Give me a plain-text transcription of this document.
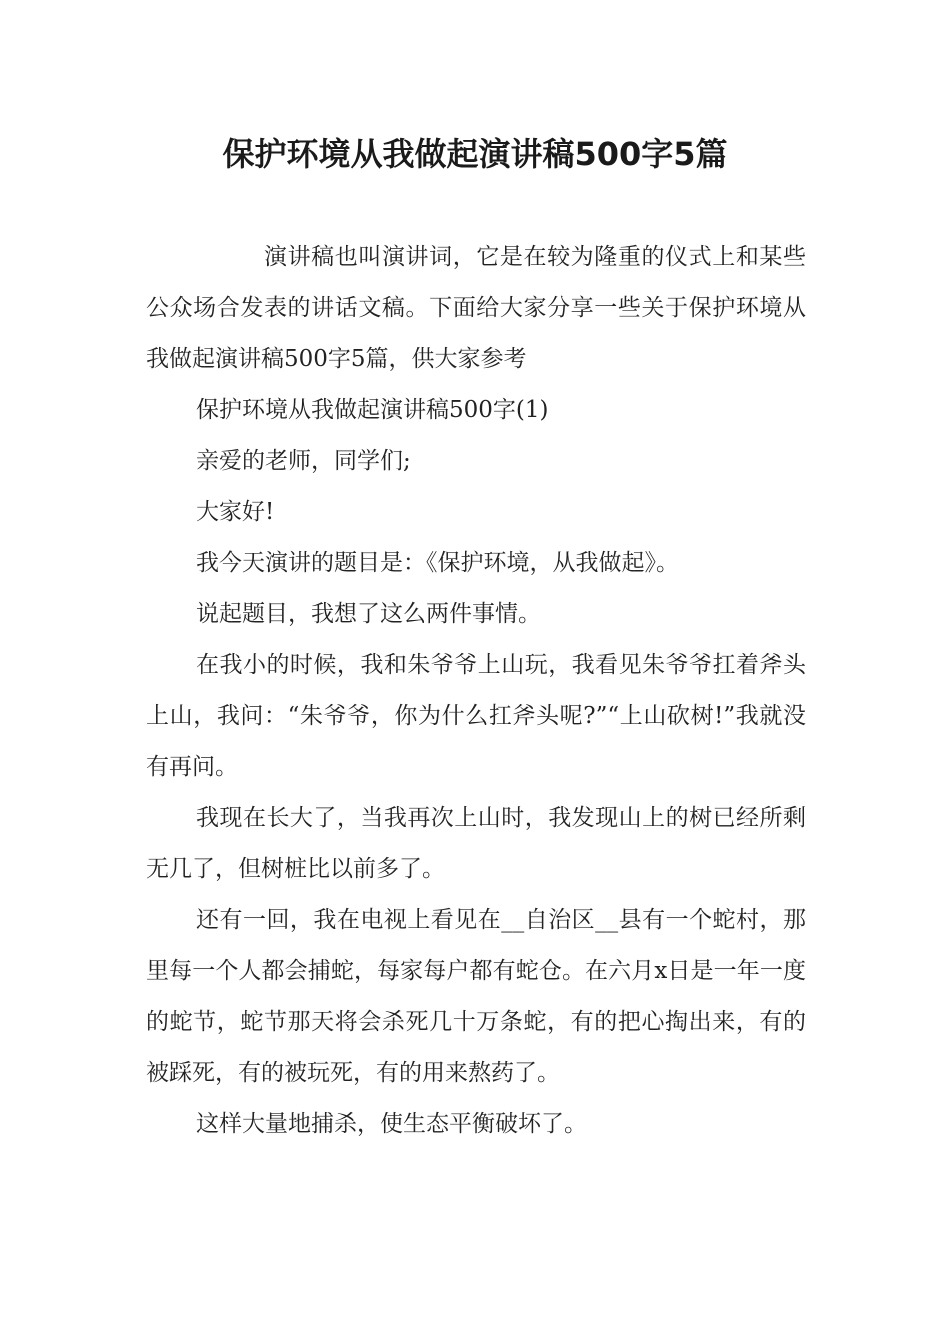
保护环境从我做起演讲稿500字5篇

演讲稿也叫演讲词，它是在较为隆重的仪式上和某些公众场合发表的讲话文稿。下面给大家分享一些关于保护环境从我做起演讲稿500字5篇，供大家参考

保护环境从我做起演讲稿500字(1)

亲爱的老师，同学们;

大家好!

我今天演讲的题目是：《保护环境，从我做起》。

说起题目，我想了这么两件事情。

在我小的时候，我和朱爷爷上山玩，我看见朱爷爷扛着斧头上山，我问：“朱爷爷，你为什么扛斧头呢?”“上山砍树!”我就没有再问。

我现在长大了，当我再次上山时，我发现山上的树已经所剩无几了，但树桩比以前多了。

还有一回，我在电视上看见在__自治区__县有一个蛇村，那里每一个人都会捕蛇，每家每户都有蛇仓。在六月x日是一年一度的蛇节，蛇节那天将会杀死几十万条蛇，有的把心掏出来，有的被踩死，有的被玩死，有的用来熬药了。

这样大量地捕杀，使生态平衡破坏了。
